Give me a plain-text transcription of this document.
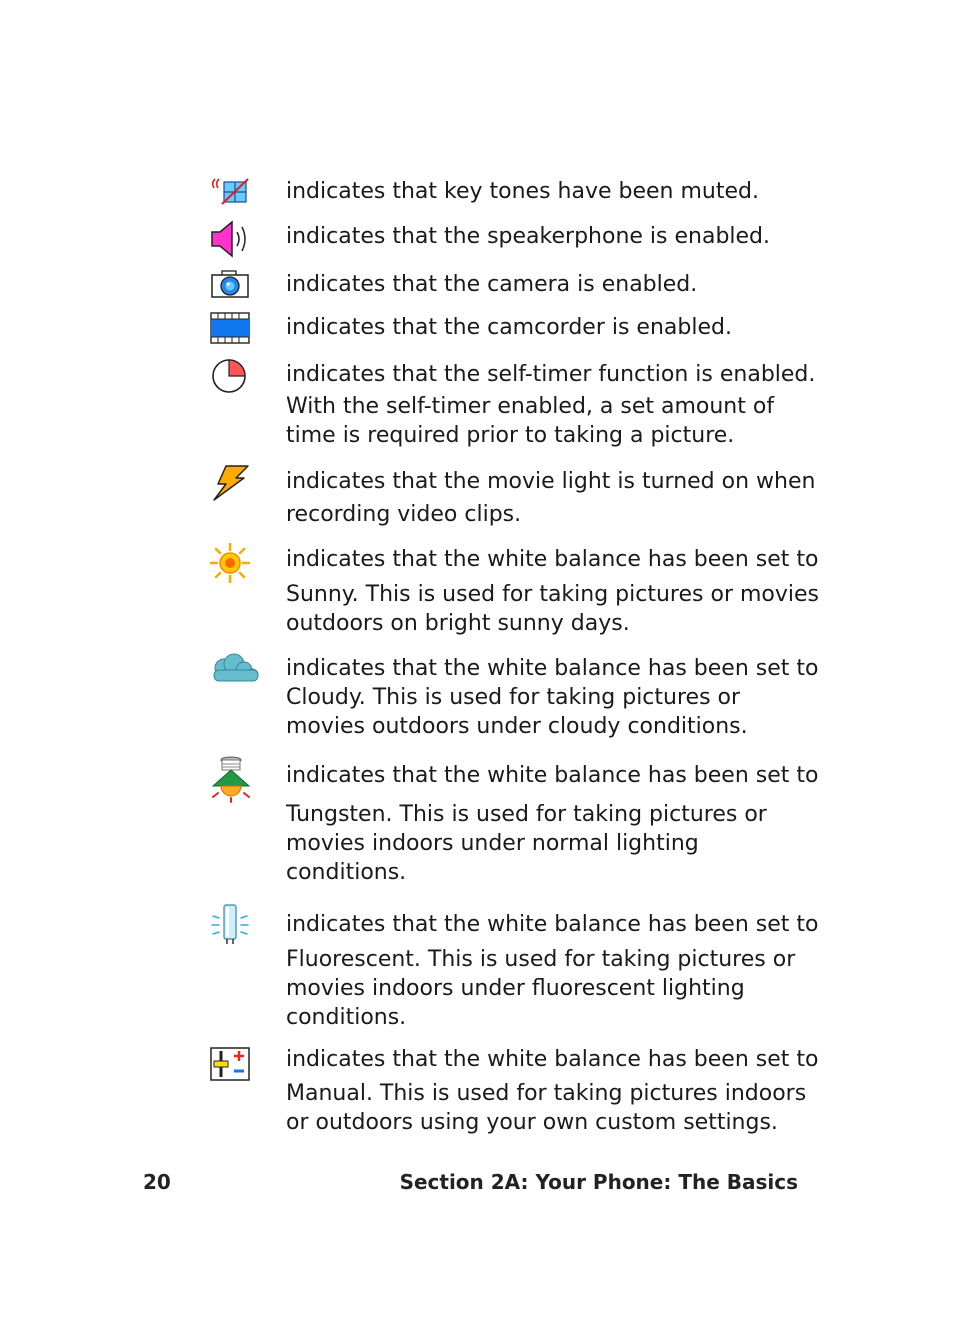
indicates that key tones have been muted.
indicates that the speakerphone is enabled.
indicates that the camera is enabled.
indicates that the camcorder is enabled.
indicates that the self-timer function is enabled.
With the self-timer enabled, a set amount of
time is required prior to taking a picture.
indicates that the movie light is turned on when
recording video clips.
indicates that the white balance has been set to
Sunny. This is used for taking pictures or movies
outdoors on bright sunny days.
indicates that the white balance has been set to
Cloudy. This is used for taking pictures or
movies outdoors under cloudy conditions.
indicates that the white balance has been set to
Tungsten. This is used for taking pictures or
movies indoors under normal lighting
conditions.
indicates that the white balance has been set to
Fluorescent. This is used for taking pictures or
movies indoors under fluorescent lighting
conditions.
indicates that the white balance has been set to
Manual. This is used for taking pictures indoors
or outdoors using your own custom settings.
20	Section 2A: Your Phone: The Basics
